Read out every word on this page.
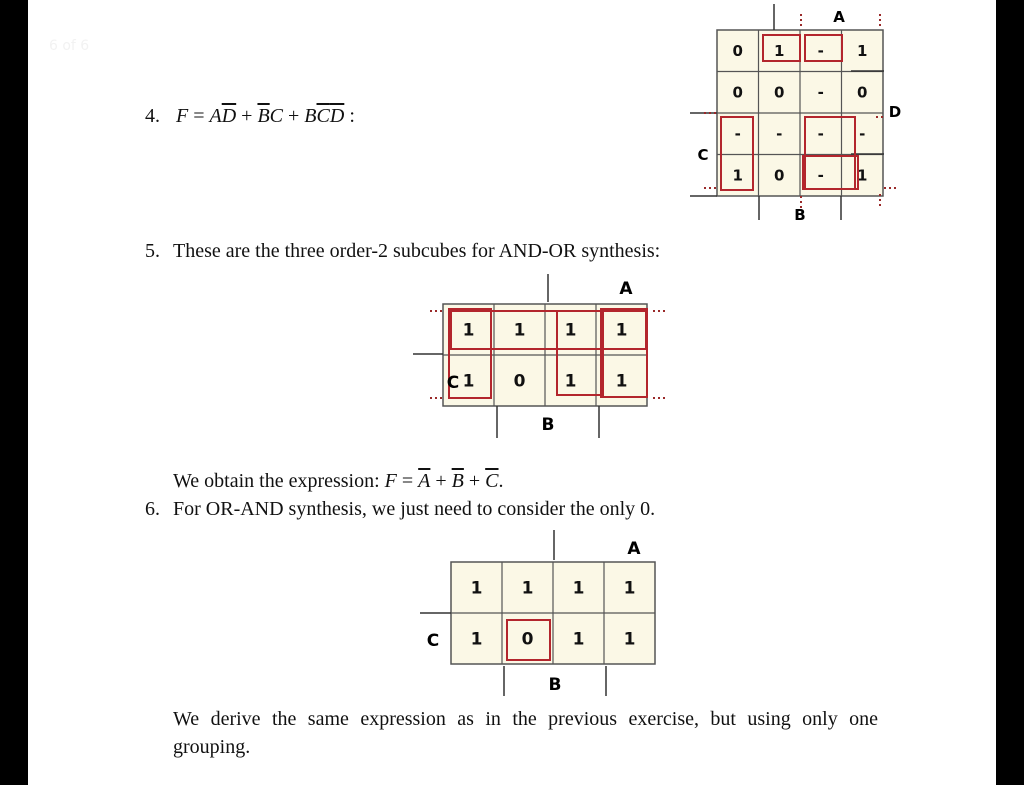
6 of 6
4. $F = A\overline{D} + \overline{B}C + B\overline{C}\overline{D}$ :
0 1 - 1
0 0 - 0
- - - -
1 0 - 1
A
D
C
B
5. These are the three order-2 subcubes for AND-OR synthesis:
1 1 1 1
1 0 1 1
A
C
B
We obtain the expression: $F = \overline{A} + \overline{B} + \overline{C}$.
6. For OR-AND synthesis, we just need to consider the only 0.
1 1 1 1
1 0 1 1
A
C
B
We derive the same expression as in the previous exercise, but using only one
grouping.
